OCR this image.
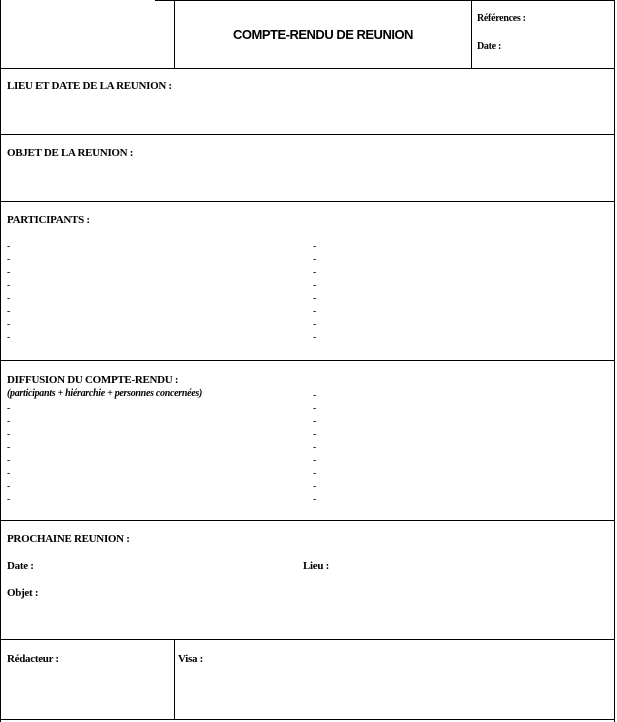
COMPTE-RENDU DE REUNION
Références :
Date :
LIEU ET DATE DE LA REUNION :
OBJET DE LA REUNION :
PARTICIPANTS :
DIFFUSION DU COMPTE-RENDU :
(participants + hiérarchie + personnes concernées)
PROCHAINE REUNION :
-
-
-
-
-
-
-
-
-
-
-
-
-
-
-
-
-
-
-
-
-
-
-
-
-
-
-
-
-
-
-
-
-
Date :	Lieu :
Objet :
Rédacteur :	Visa :
